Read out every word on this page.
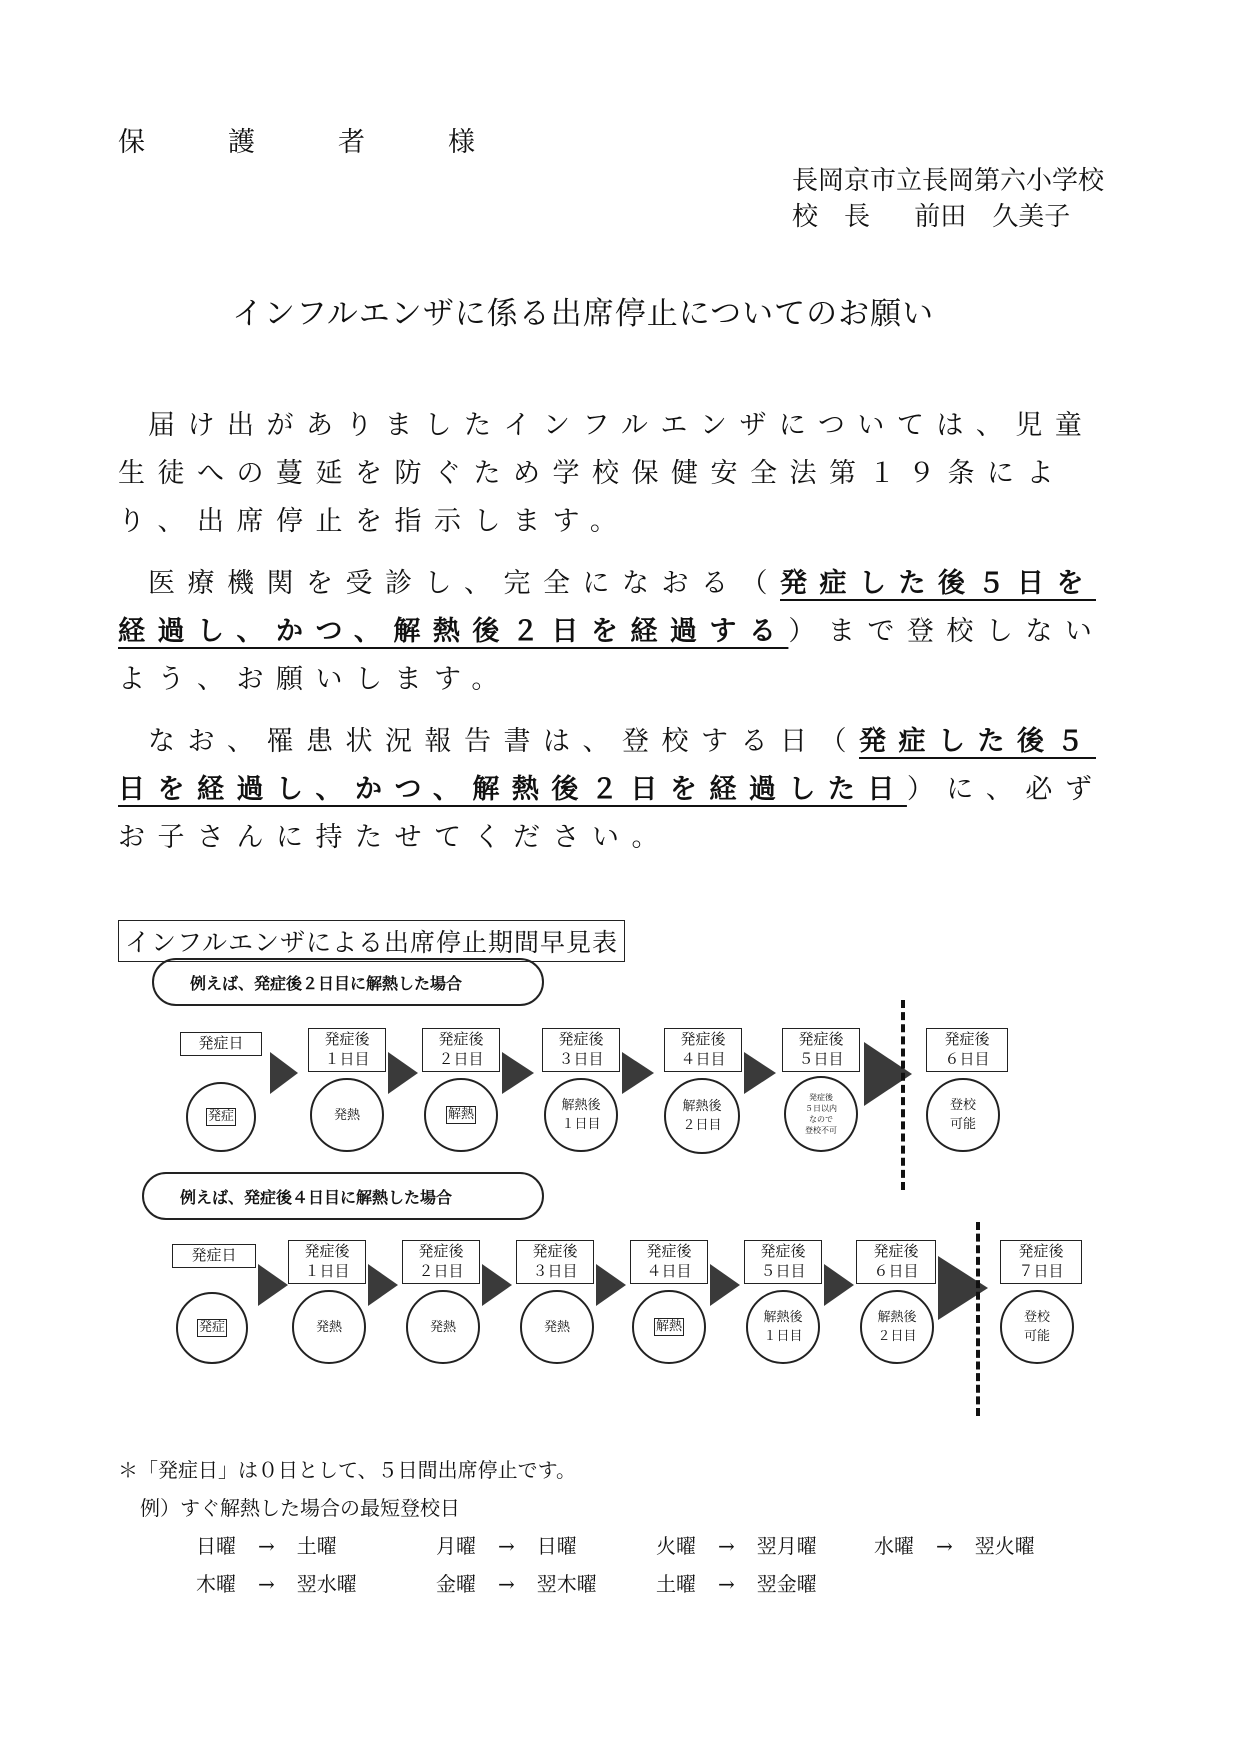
保　護　者　様
長岡京市立長岡第六小学校
校　長 前田　久美子
インフルエンザに係る出席停止についてのお願い

届け出がありましたインフルエンザについては、児童生徒への蔓延を防ぐため学校保健安全法第１９条により、出席停止を指示します。

医療機関を受診し、完全になおる（発症した後５日を経過し、かつ、解熱後２日を経過する）まで登校しないよう、お願いします。

なお、罹患状況報告書は、登校する日（発症した後５日を経過し、かつ、解熱後２日を経過した日）に、必ずお子さんに持たせてください。

インフルエンザによる出席停止期間早見表
例えば、発症後２日目に解熱した場合
発症日	発症後
１日目
発症後
２日目
発症後
３日目
発症後
４日目
発症後
５日目
発症後
６日目
発症	発熱	解熱
解熱後
１日目
解熱後
２日目
発症後
５日以内
なので
登校不可
登校
可能
例えば、発症後４日目に解熱した場合
発症日	発症後
１日目
発症後
２日目
発症後
３日目
発症後
４日目
発症後
５日目
発症後
６日目
発症後
７日目
発症	発熱	発熱	発熱	解熱
解熱後
１日目
解熱後
２日目
登校
可能
＊「発症日」は０日として、５日間出席停止です。
例）すぐ解熱した場合の最短登校日
日曜 → 土曜	月曜 → 日曜	火曜 → 翌月曜	水曜 → 翌火曜
木曜 → 翌水曜	金曜 → 翌木曜	土曜 → 翌金曜
